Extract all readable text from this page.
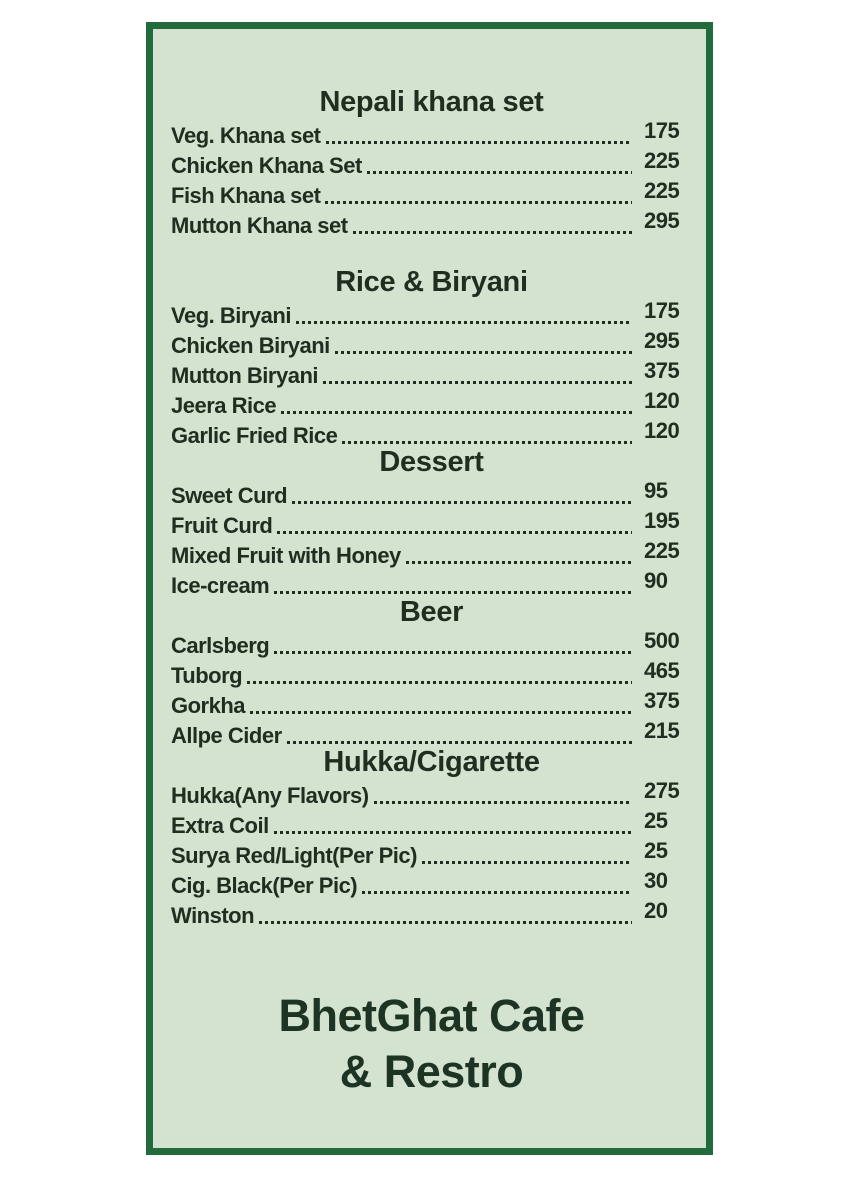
Nepali khana set
Veg. Khana set	175
Chicken Khana Set	225
Fish Khana set	225
Mutton Khana set	295
Rice & Biryani
Veg. Biryani	175
Chicken Biryani	295
Mutton Biryani	375
Jeera Rice	120
Garlic Fried Rice	120
Dessert
Sweet Curd	95
Fruit Curd	195
Mixed Fruit with Honey	225
Ice-cream	90
Beer
Carlsberg	500
Tuborg	465
Gorkha	375
Allpe Cider	215
Hukka/Cigarette
Hukka(Any Flavors)	275
Extra Coil	25
Surya Red/Light(Per Pic)	25
Cig. Black(Per Pic)	30
Winston	20
BhetGhat Cafe
& Restro
